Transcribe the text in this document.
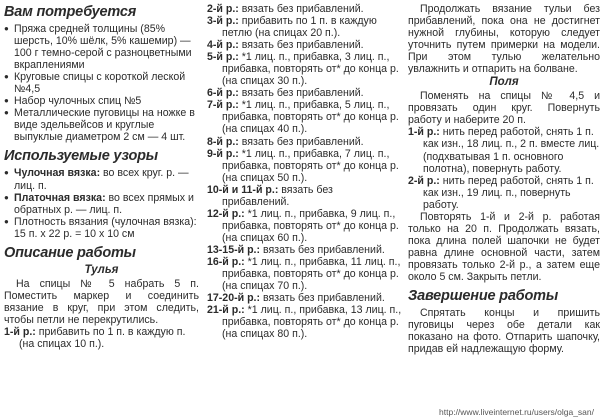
Вам потребуется

● Пряжа средней толщины (85% шерсть, 10% шёлк, 5% кашемир) — 100 г темно-серой с разноцветными вкраплениями

● Круговые спицы с короткой леской №4,5

● Набор чулочных спиц №5

● Металлические пуговицы на ножке в виде эдельвейсов и круглые выпуклые диаметром 2 см — 4 шт.

Используемые узоры

● Чулочная вязка: во всех круг. р. — лиц. п.

● Платочная вязка: во всех прямых и обратных р. — лиц. п.

● Плотность вязания (чулочная вязка): 15 п. x 22 р. = 10 x 10 см

Описание работы

Тулья

На спицы № 5 набрать 5 п. Поместить маркер и соединить вязание в круг, при этом следить, чтобы петли не перекрутились.

1-й р.: прибавить по 1 п. в каждую п. (на спицах 10 п.).

2-й р.: вязать без прибавлений.

3-й р.: прибавить по 1 п. в каждую петлю (на спицах 20 п.).

4-й р.: вязать без прибавлений.

5-й р.: *1 лиц. п., прибавка, 3 лиц. п., прибавка, повторять от* до конца р. (на спицах 30 п.).

6-й р.: вязать без прибавлений.

7-й р.: *1 лиц. п., прибавка, 5 лиц. п., прибавка, повторять от* до конца р. (на спицах 40 п.).

8-й р.: вязать без прибавлений.

9-й р.: *1 лиц. п., прибавка, 7 лиц. п., прибавка, повторять от* до конца р. (на спицах 50 п.).

10-й и 11-й р.: вязать без прибавлений.

12-й р.: *1 лиц. п., прибавка, 9 лиц. п., прибавка, повторять от* до конца р. (на спицах 60 п.).

13-15-й р.: вязать без прибавлений.

16-й р.: *1 лиц. п., прибавка, 11 лиц. п., прибавка, повторять от* до конца р. (на спицах 70 п.).

17-20-й р.: вязать без прибавлений.

21-й р.: *1 лиц. п., прибавка, 13 лиц. п., прибавка, повторять от* до конца р. (на спицах 80 п.).

Продолжать вязание тульи без прибавлений, пока она не достигнет нужной глубины, которую следует уточнить путем примерки на модели. При этом тулью желательно увлажнить и отпарить на болване.

Поля

Поменять на спицы № 4,5 и провязать один круг. Повернуть работу и наберите 20 п.

1-й р.: нить перед работой, снять 1 п. как изн., 18 лиц. п., 2 п. вместе лиц. (подхватывая 1 п. основного полотна), повернуть работу.

2-й р.: нить перед работой, снять 1 п. как изн., 19 лиц. п., повернуть работу.

Повторять 1-й и 2-й р. работая только на 20 п. Продолжать вязать, пока длина полей шапочки не будет равна длине основной части, затем провязать только 2-й р., а затем еще около 5 см. Закрыть петли.

Завершение работы

Спрятать концы и пришить пуговицы через обе детали как показано на фото. Отпарить шапочку, придав ей надлежащую форму.

http://www.liveinternet.ru/users/olga_san/
